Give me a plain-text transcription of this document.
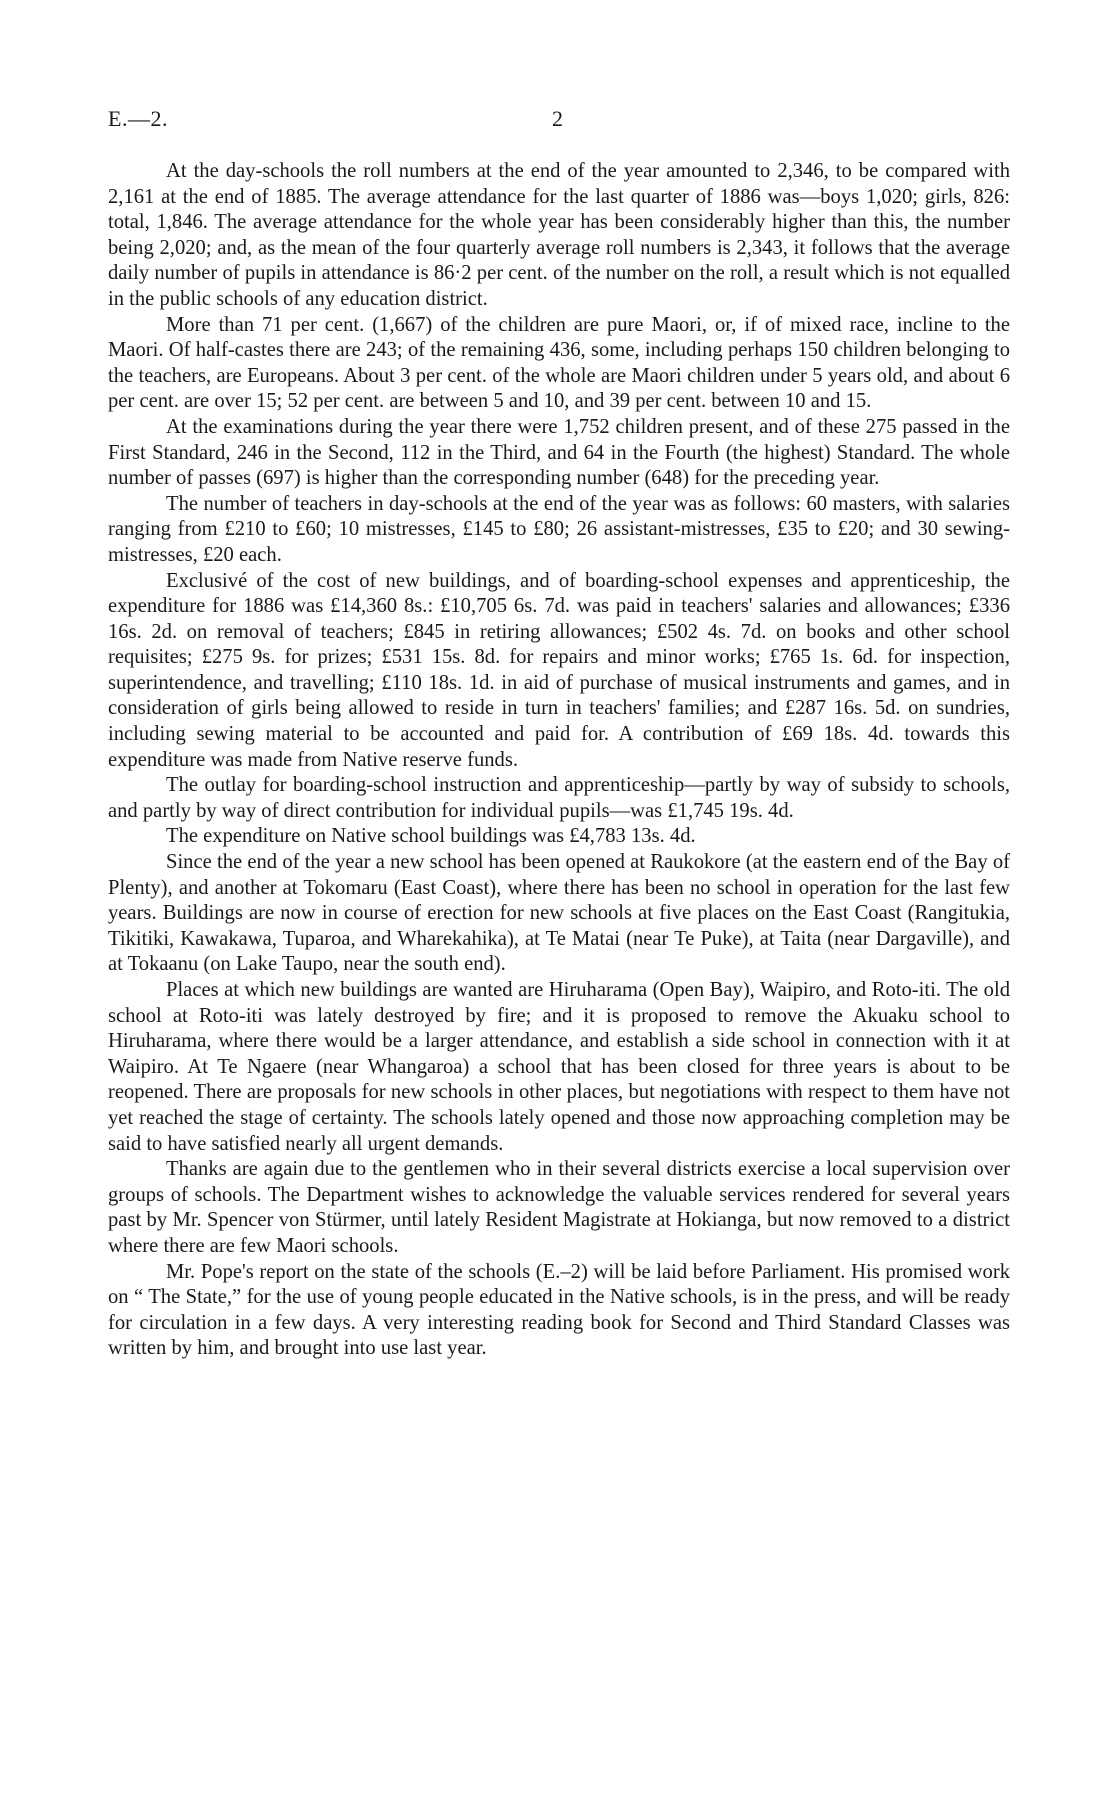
E.—2.	2

At the day-schools the roll numbers at the end of the year amounted to 2,346, to be compared with 2,161 at the end of 1885. The average attendance for the last quarter of 1886 was—boys 1,020; girls, 826: total, 1,846. The average attendance for the whole year has been considerably higher than this, the number being 2,020; and, as the mean of the four quarterly average roll numbers is 2,343, it follows that the average daily number of pupils in attendance is 86·2 per cent. of the number on the roll, a result which is not equalled in the public schools of any education district.

More than 71 per cent. (1,667) of the children are pure Maori, or, if of mixed race, incline to the Maori. Of half-castes there are 243; of the remaining 436, some, including perhaps 150 children belonging to the teachers, are Europeans. About 3 per cent. of the whole are Maori children under 5 years old, and about 6 per cent. are over 15; 52 per cent. are between 5 and 10, and 39 per cent. between 10 and 15.

At the examinations during the year there were 1,752 children present, and of these 275 passed in the First Standard, 246 in the Second, 112 in the Third, and 64 in the Fourth (the highest) Standard. The whole number of passes (697) is higher than the corresponding number (648) for the preceding year.

The number of teachers in day-schools at the end of the year was as follows: 60 masters, with salaries ranging from £210 to £60; 10 mistresses, £145 to £80; 26 assistant-mistresses, £35 to £20; and 30 sewing-mistresses, £20 each.

Exclusivé of the cost of new buildings, and of boarding-school expenses and apprenticeship, the expenditure for 1886 was £14,360 8s.: £10,705 6s. 7d. was paid in teachers' salaries and allowances; £336 16s. 2d. on removal of teachers; £845 in retiring allowances; £502 4s. 7d. on books and other school requisites; £275 9s. for prizes; £531 15s. 8d. for repairs and minor works; £765 1s. 6d. for inspection, superintendence, and travelling; £110 18s. 1d. in aid of purchase of musical instruments and games, and in consideration of girls being allowed to reside in turn in teachers' families; and £287 16s. 5d. on sundries, including sewing material to be accounted and paid for. A contribution of £69 18s. 4d. towards this expenditure was made from Native reserve funds.

The outlay for boarding-school instruction and apprenticeship—partly by way of subsidy to schools, and partly by way of direct contribution for individual pupils—was £1,745 19s. 4d.

The expenditure on Native school buildings was £4,783 13s. 4d.

Since the end of the year a new school has been opened at Raukokore (at the eastern end of the Bay of Plenty), and another at Tokomaru (East Coast), where there has been no school in operation for the last few years. Buildings are now in course of erection for new schools at five places on the East Coast (Rangitukia, Tikitiki, Kawakawa, Tuparoa, and Wharekahika), at Te Matai (near Te Puke), at Taita (near Dargaville), and at Tokaanu (on Lake Taupo, near the south end).

Places at which new buildings are wanted are Hiruharama (Open Bay), Waipiro, and Roto-iti. The old school at Roto-iti was lately destroyed by fire; and it is proposed to remove the Akuaku school to Hiruharama, where there would be a larger attendance, and establish a side school in connection with it at Waipiro. At Te Ngaere (near Whangaroa) a school that has been closed for three years is about to be reopened. There are proposals for new schools in other places, but negotiations with respect to them have not yet reached the stage of certainty. The schools lately opened and those now approaching completion may be said to have satisfied nearly all urgent demands.

Thanks are again due to the gentlemen who in their several districts exercise a local supervision over groups of schools. The Department wishes to acknowledge the valuable services rendered for several years past by Mr. Spencer von Stürmer, until lately Resident Magistrate at Hokianga, but now removed to a district where there are few Maori schools.

Mr. Pope's report on the state of the schools (E.–2) will be laid before Parliament. His promised work on “ The State,” for the use of young people educated in the Native schools, is in the press, and will be ready for circulation in a few days. A very interesting reading book for Second and Third Standard Classes was written by him, and brought into use last year.
